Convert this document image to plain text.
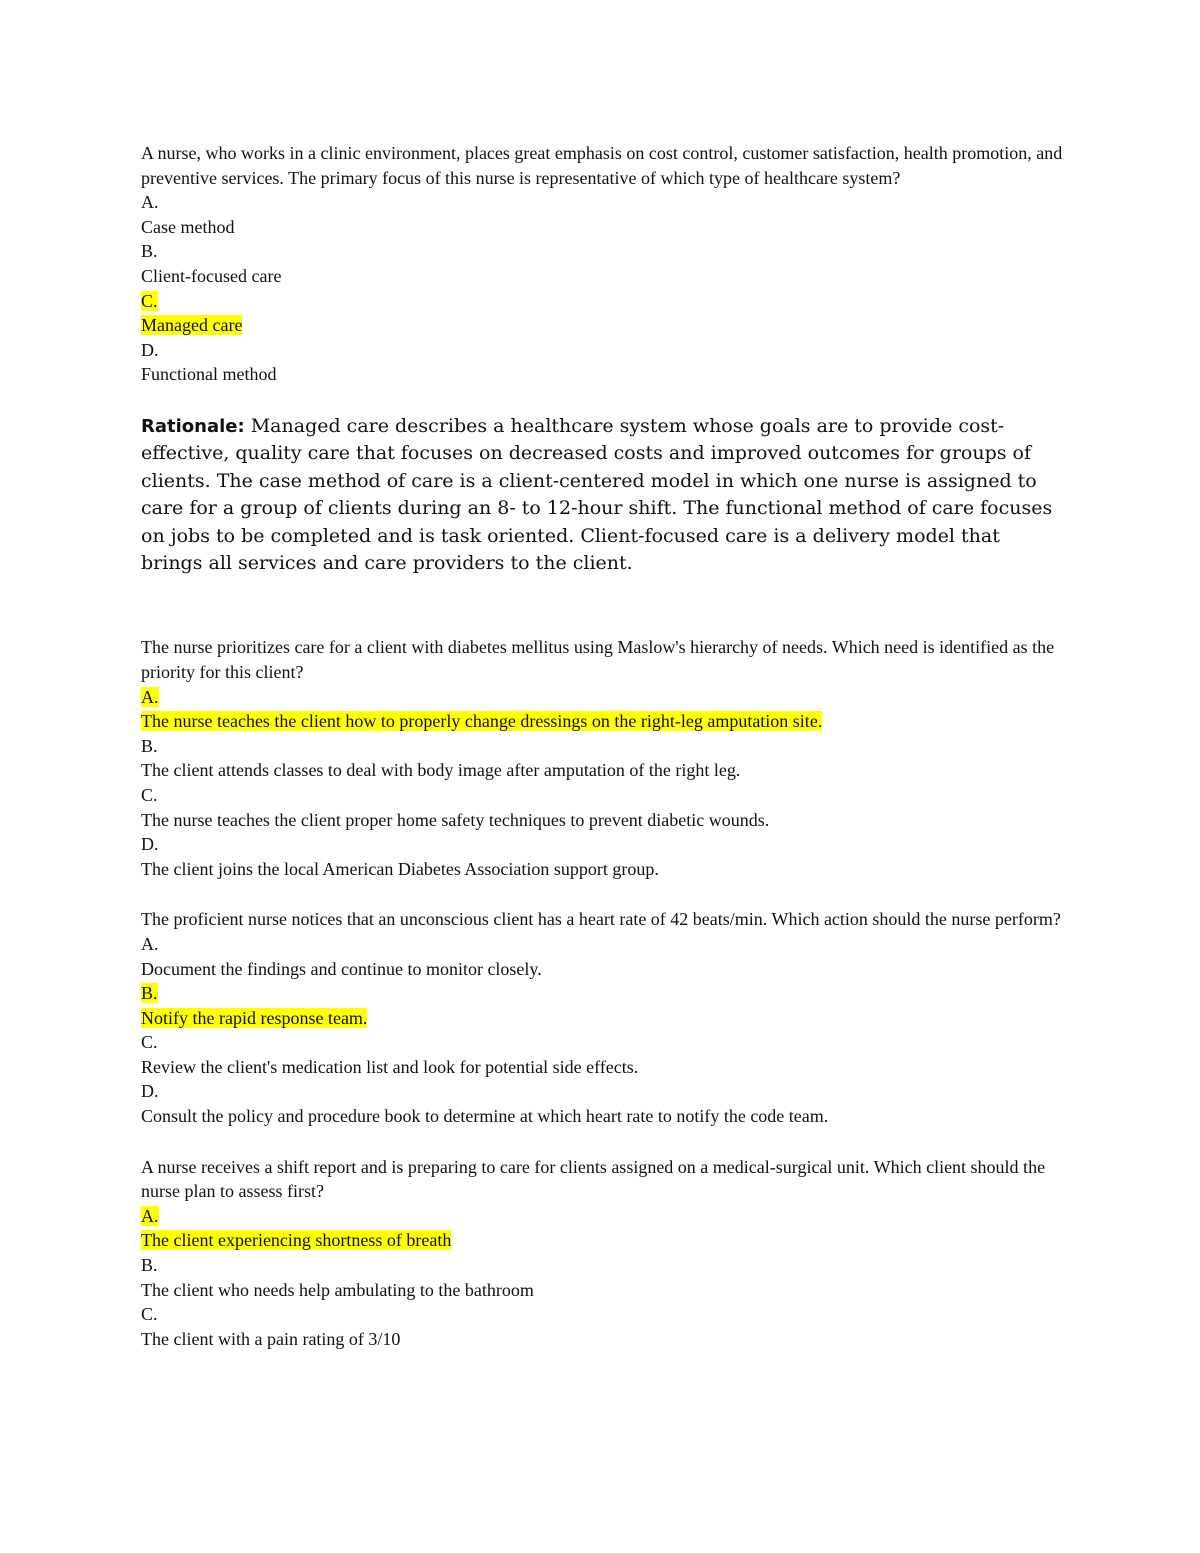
A nurse, who works in a clinic environment, places great emphasis on cost control, customer satisfaction, health promotion, and preventive services. The primary focus of this nurse is representative of which type of healthcare system?
A.
Case method
B.
Client-focused care
C.
Managed care
D.
Functional method
Rationale: Managed care describes a healthcare system whose goals are to provide cost-effective, quality care that focuses on decreased costs and improved outcomes for groups of clients. The case method of care is a client-centered model in which one nurse is assigned to care for a group of clients during an 8- to 12-hour shift. The functional method of care focuses on jobs to be completed and is task oriented. Client-focused care is a delivery model that brings all services and care providers to the client.
The nurse prioritizes care for a client with diabetes mellitus using Maslow's hierarchy of needs. Which need is identified as the priority for this client?
A.
The nurse teaches the client how to properly change dressings on the right-leg amputation site.
B.
The client attends classes to deal with body image after amputation of the right leg.
C.
The nurse teaches the client proper home safety techniques to prevent diabetic wounds.
D.
The client joins the local American Diabetes Association support group.
The proficient nurse notices that an unconscious client has a heart rate of 42 beats/min. Which action should the nurse perform?
A.
Document the findings and continue to monitor closely.
B.
Notify the rapid response team.
C.
Review the client's medication list and look for potential side effects.
D.
Consult the policy and procedure book to determine at which heart rate to notify the code team.
A nurse receives a shift report and is preparing to care for clients assigned on a medical-surgical unit. Which client should the nurse plan to assess first?
A.
The client experiencing shortness of breath
B.
The client who needs help ambulating to the bathroom
C.
The client with a pain rating of 3/10
